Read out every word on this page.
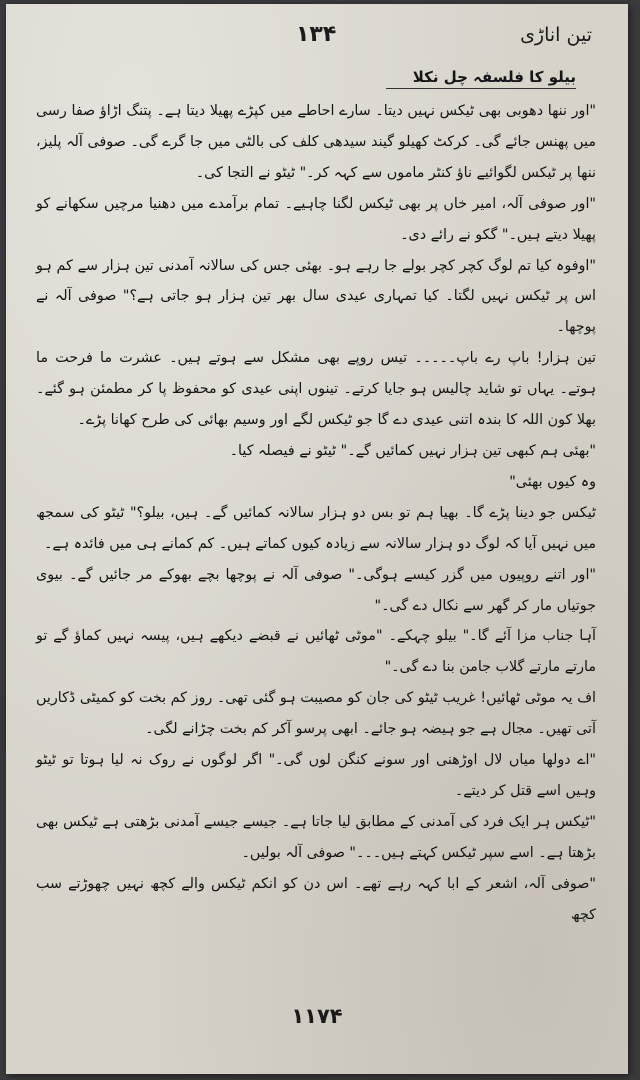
۱۳۴	تین اناڑی
بیلو کا فلسفہ چل نکلا

"اور ننھا دھوبی بھی ٹیکس نہیں دیتا۔ سارے احاطے میں کپڑے پھیلا دیتا ہے۔ پتنگ اڑاؤ صفا رسی میں پھنس جائے گی۔ کرکٹ کھیلو گیند سیدھی کلف کی بالٹی میں جا گرے گی۔ صوفی آلہ پلیز، ننھا پر ٹیکس لگوائیے ناؤ کنٹر ماموں سے کہہ کر۔" ٹیٹو نے التجا کی۔

"اور صوفی آلہ، امیر خاں پر بھی ٹیکس لگنا چاہیے۔ تمام برآمدے میں دھنیا مرچیں سکھانے کو پھیلا دیتے ہیں۔" گکو نے رائے دی۔

"اوفوہ کیا تم لوگ کچر کچر بولے جا رہے ہو۔ بھئی جس کی سالانہ آمدنی تین ہزار سے کم ہو اس پر ٹیکس نہیں لگتا۔ کیا تمہاری عیدی سال بھر تین ہزار ہو جاتی ہے؟" صوفی آلہ نے پوچھا۔

تین ہزار! باپ رے باپ۔۔۔۔۔ تیس روپے بھی مشکل سے ہوتے ہیں۔ عشرت ما فرحت ما ہوتے۔ یہاں تو شاید چالیس ہو جایا کرتے۔ تینوں اپنی عیدی کو محفوظ پا کر مطمئن ہو گئے۔ بھلا کون اللہ کا بندہ اتنی عیدی دے گا جو ٹیکس لگے اور وسیم بھائی کی طرح کھانا پڑے۔

"بھئی ہم کبھی تین ہزار نہیں کمائیں گے۔" ٹیٹو نے فیصلہ کیا۔

وہ کیوں بھئی"

ٹیکس جو دینا پڑے گا۔ بھیا ہم تو بس دو ہزار سالانہ کمائیں گے۔ ہیں، بیلو؟" ٹیٹو کی سمجھ میں نہیں آیا کہ لوگ دو ہزار سالانہ سے زیادہ کیوں کماتے ہیں۔ کم کمانے ہی میں فائدہ ہے۔

"اور اتنے روپیوں میں گزر کیسے ہوگی۔" صوفی آلہ نے پوچھا بچے بھوکے مر جائیں گے۔ بیوی جوتیاں مار کر گھر سے نکال دے گی۔"

آہا جناب مزا آئے گا۔" بیلو چہکے۔ "موٹی ٹھائیں نے قبضے دیکھے ہیں، پیسہ نہیں کماؤ گے تو مارتے مارتے گلاب جامن بنا دے گی۔"

اف یہ موٹی ٹھائیں! غریب ٹیٹو کی جان کو مصیبت ہو گئی تھی۔ روز کم بخت کو کمیٹی ڈکاریں آتی تھیں۔ مجال ہے جو ہیضہ ہو جائے۔ ابھی پرسو آکر کم بخت چڑانے لگی۔

"اے دولھا میاں لال اوڑھنی اور سونے کنگن لوں گی۔" اگر لوگوں نے روک نہ لیا ہوتا تو ٹیٹو وہیں اسے قتل کر دیتے۔

"ٹیکس ہر ایک فرد کی آمدنی کے مطابق لیا جاتا ہے۔ جیسے جیسے آمدنی بڑھتی ہے ٹیکس بھی بڑھتا ہے۔ اسے سپر ٹیکس کہتے ہیں۔۔۔" صوفی آلہ بولیں۔

"صوفی آلہ، اشعر کے ابا کہہ رہے تھے۔ اس دن کو انکم ٹیکس والے کچھ نہیں چھوڑتے سب کچھ

۱۱۷۴
